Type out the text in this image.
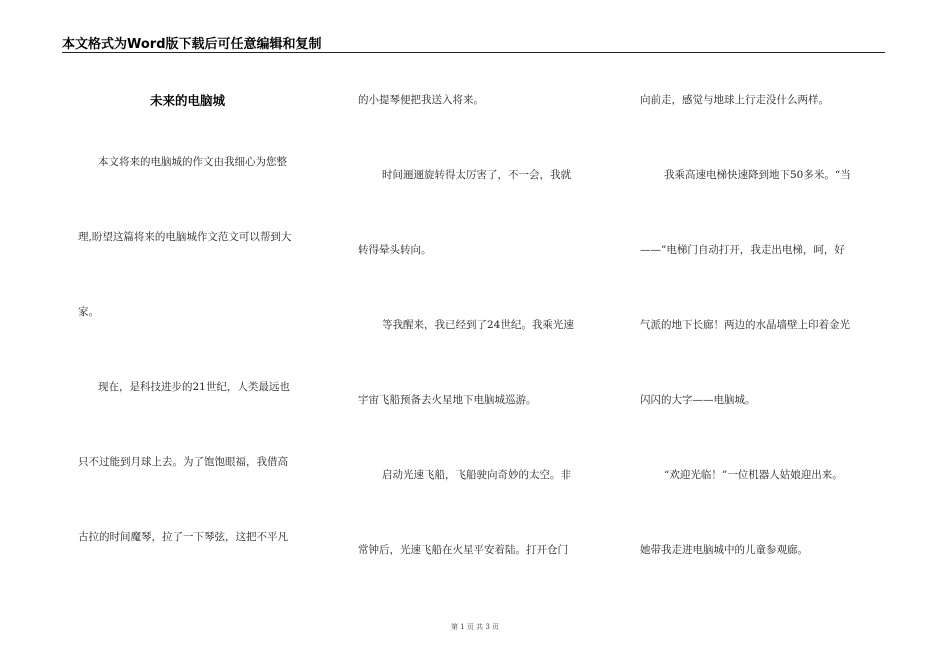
本文格式为Word版下载后可任意编辑和复制
未来的电脑城
本文将来的电脑城的作文由我细心为您整
理,盼望这篇将来的电脑城作文范文可以帮到大
家。
现在，是科技进步的21世纪，人类最远也
只不过能到月球上去。为了饱饱眼福，我借高
古拉的时间魔琴，拉了一下琴弦，这把不平凡
的小提琴便把我送入将来。
时间逦逦旋转得太厉害了，不一会，我就
转得晕头转向。
等我醒来，我已经到了24世纪。我乘光速
宇宙飞船预备去火星地下电脑城巡游。
启动光速飞船，飞船驶向奇妙的太空。非
常钟后，光速飞船在火星平安着陆。打开仓门
向前走，感觉与地球上行走没什么两样。
我乘高速电梯快速降到地下50多米。“当
——”电梯门自动打开，我走出电梯，呵，好
气派的地下长廊！两边的水晶墙壁上印着金光
闪闪的大字——电脑城。
“欢迎光临！”一位机器人姑娘迎出来。
她带我走进电脑城中的儿童参观廊。
第 1 页 共 3 页
